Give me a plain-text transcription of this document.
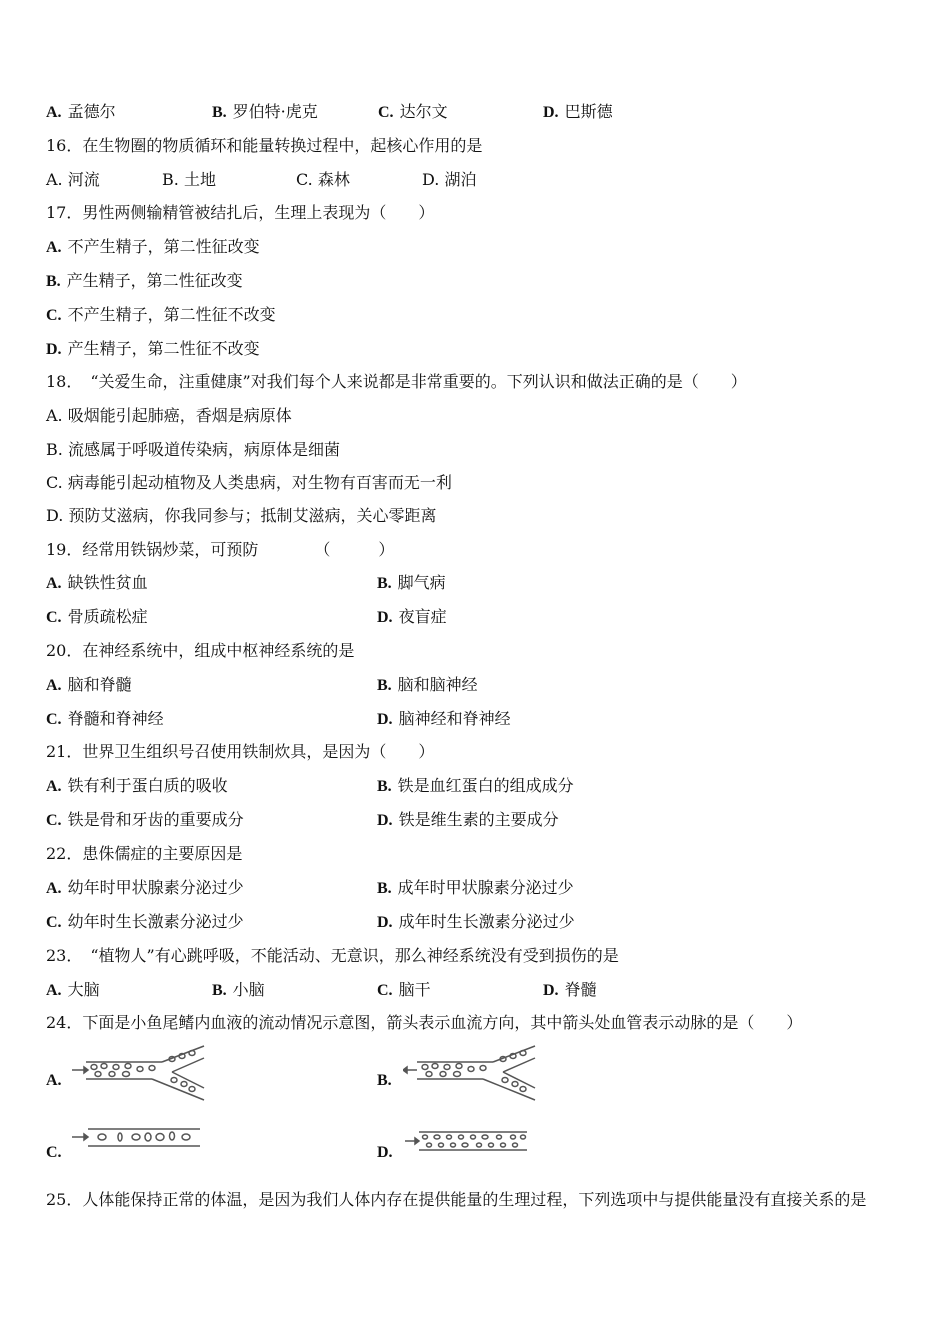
A. 孟德尔	B. 罗伯特·虎克	C. 达尔文	D. 巴斯德
16．在生物圈的物质循环和能量转换过程中，起核心作用的是
A. 河流	B. 土地	C. 森林	D. 湖泊
17．男性两侧输精管被结扎后，生理上表现为（　　）
A. 不产生精子，第二性征改变
B. 产生精子，第二性征改变
C. 不产生精子，第二性征不改变
D. 产生精子，第二性征不改变
18．　“关爱生命，注重健康”对我们每个人来说都是非常重要的。下列认识和做法正确的是（　　）
A. 吸烟能引起肺癌，香烟是病原体
B. 流感属于呼吸道传染病，病原体是细菌
C. 病毒能引起动植物及人类患病，对生物有百害而无一利
D. 预防艾滋病，你我同参与；抵制艾滋病，关心零距离
19．经常用铁锅炒菜，可预防　　　　（　　　）
A. 缺铁性贫血	B. 脚气病
C. 骨质疏松症	D. 夜盲症
20．在神经系统中，组成中枢神经系统的是
A. 脑和脊髓	B. 脑和脑神经
C. 脊髓和脊神经	D. 脑神经和脊神经
21．世界卫生组织号召使用铁制炊具，是因为（　　）
A. 铁有利于蛋白质的吸收	B. 铁是血红蛋白的组成成分
C. 铁是骨和牙齿的重要成分	D. 铁是维生素的主要成分
22．患侏儒症的主要原因是
A. 幼年时甲状腺素分泌过少	B. 成年时甲状腺素分泌过少
C. 幼年时生长激素分泌过少	D. 成年时生长激素分泌过少
23．　“植物人”有心跳呼吸，不能活动、无意识，那么神经系统没有受到损伤的是
A. 大脑	B. 小脑	C. 脑干	D. 脊髓
24．下面是小鱼尾鳍内血液的流动情况示意图，箭头表示血流方向，其中箭头处血管表示动脉的是（　　）
A.	B.
C.	D.
25．人体能保持正常的体温，是因为我们人体内存在提供能量的生理过程，下列选项中与提供能量没有直接关系的是
